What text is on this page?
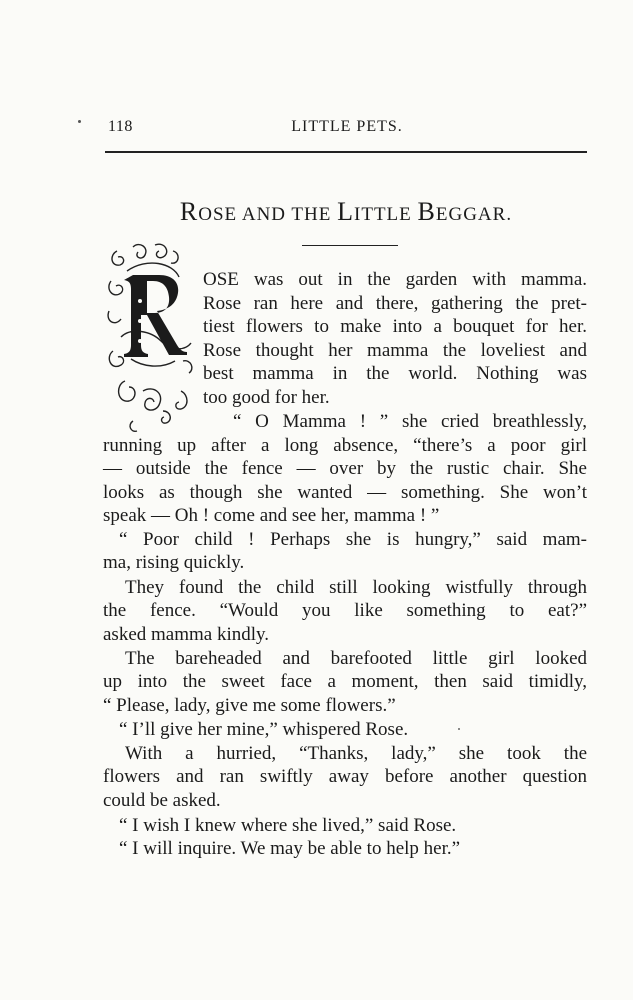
118	LITTLE PETS.
ROSE AND THE LITTLE BEGGAR.
OSE was out in the garden with mamma.
Rose ran here and there, gathering the pret-
tiest flowers to make into a bouquet for her.
Rose thought her mamma the loveliest and
best mamma in the world. Nothing was
too good for her.
“ O Mamma ! ” she cried breathlessly,
running up after a long absence, “there’s a poor girl
— outside the fence — over by the rustic chair. She
looks as though she wanted — something. She won’t
speak — Oh ! come and see her, mamma ! ”
“ Poor child ! Perhaps she is hungry,” said mam-
ma, rising quickly.
They found the child still looking wistfully through
the fence. “Would you like something to eat?”
asked mamma kindly.
The bareheaded and barefooted little girl looked
up into the sweet face a moment, then said timidly,
“ Please, lady, give me some flowers.”
“ I’ll give her mine,” whispered Rose.
With a hurried, “Thanks, lady,” she took the
flowers and ran swiftly away before another question
could be asked.
“ I wish I knew where she lived,” said Rose.
“ I will inquire. We may be able to help her.”
